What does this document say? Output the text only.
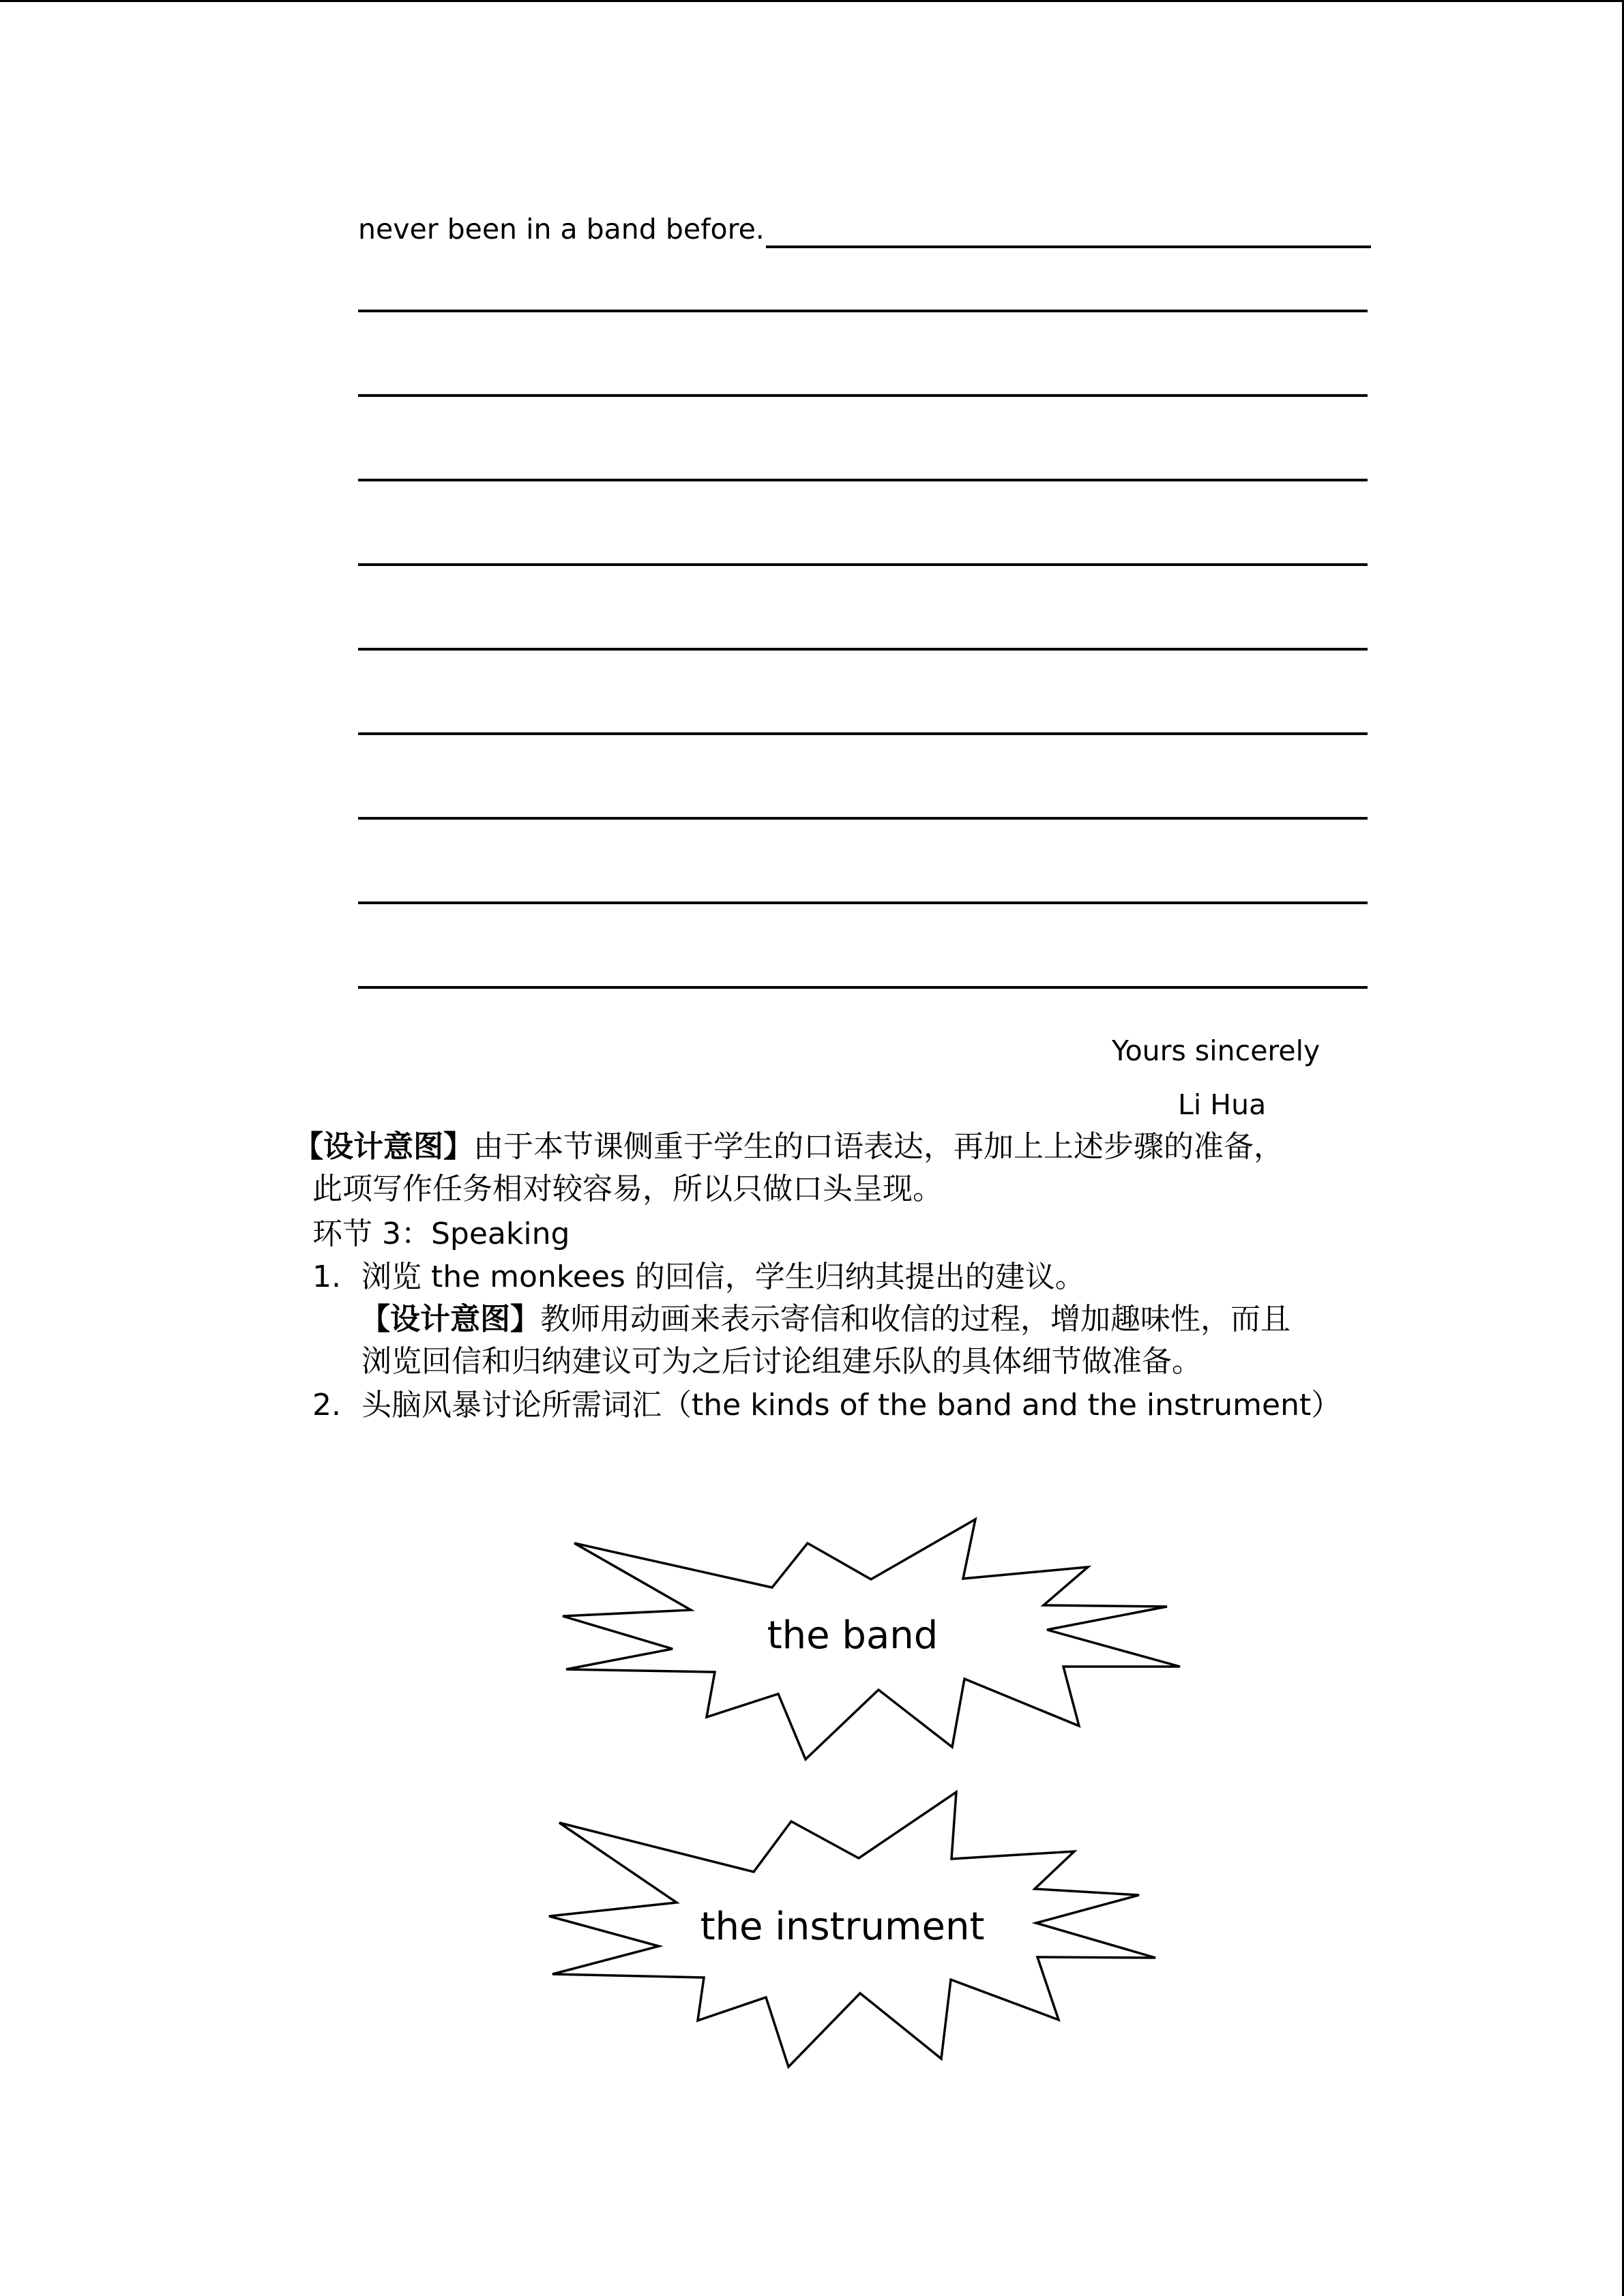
never been in a band before.
Yours sincerely
Li Hua
【设计意图】由于本节课侧重于学生的口语表达，再加上上述步骤的准备，
此项写作任务相对较容易，所以只做口头呈现。
环节 3：Speaking
1. 浏览 the monkees 的回信，学生归纳其提出的建议。
【设计意图】教师用动画来表示寄信和收信的过程，增加趣味性，而且
浏览回信和归纳建议可为之后讨论组建乐队的具体细节做准备。
2. 头脑风暴讨论所需词汇（the kinds of the band and the instrument）
the band
the instrument
